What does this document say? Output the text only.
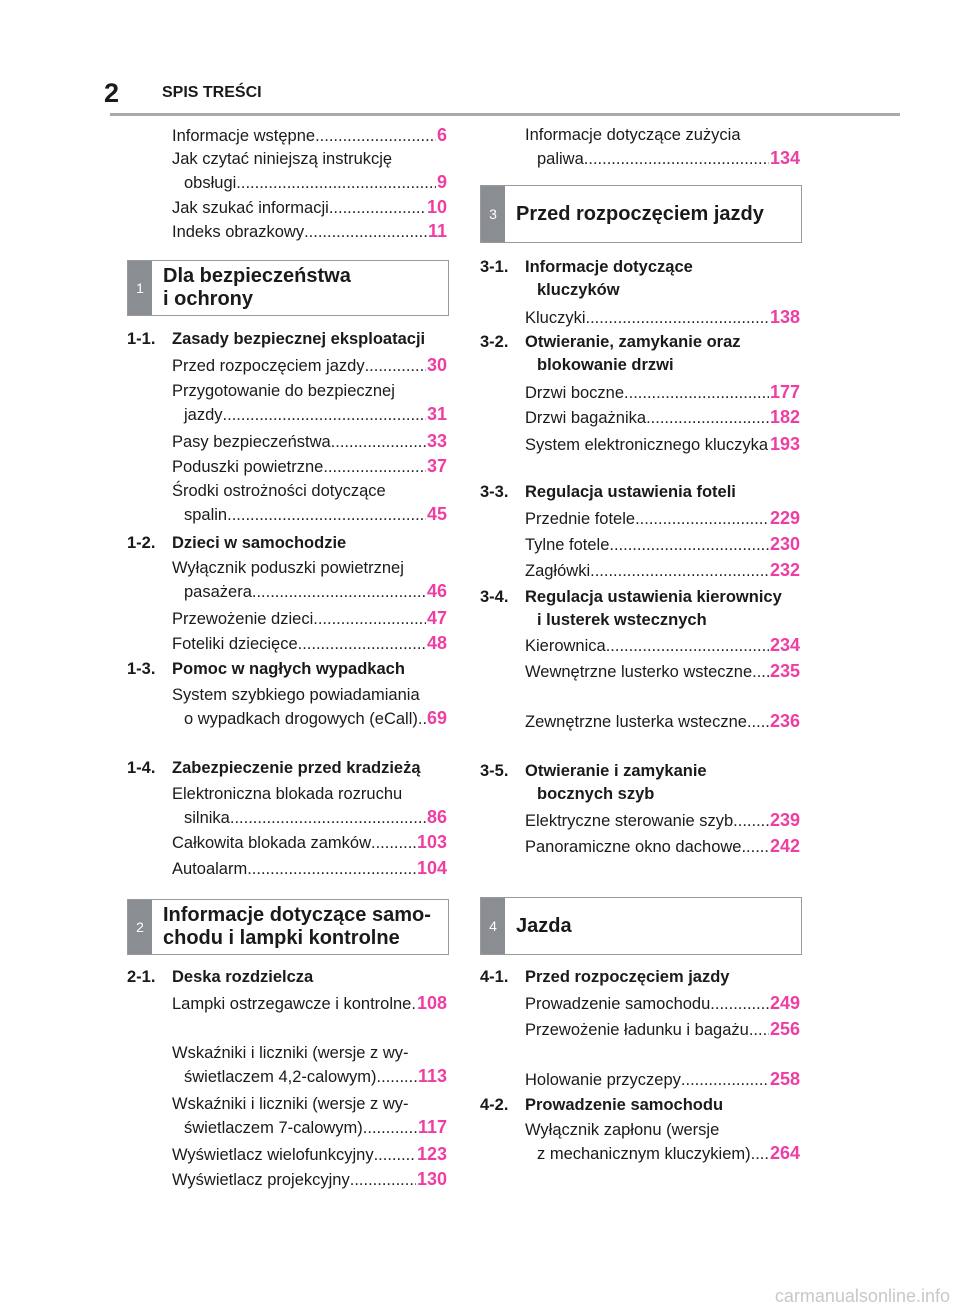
2	SPIS TREŚCI
Informacje wstępne .....	6
Jak czytać niniejszą instrukcję
obsługi .....	9
Jak szukać informacji .....	10
Indeks obrazkowy .....	11
1
Dla bezpieczeństwa
i ochrony
1-1.	Zasady bezpiecznej eksploatacji
Przed rozpoczęciem jazdy .....	30
Przygotowanie do bezpiecznej
jazdy .....	31
Pasy bezpieczeństwa .....	33
Poduszki powietrzne .....	37
Środki ostrożności dotyczące
spalin .....	45
1-2.	Dzieci w samochodzie
Wyłącznik poduszki powietrznej
pasażera .....	46
Przewożenie dzieci .....	47
Foteliki dziecięce .....	48
1-3.	Pomoc w nagłych wypadkach
System szybkiego powiadamiania
o wypadkach drogowych (eCall) ..... 69
1-4.	Zabezpieczenie przed kradzieżą
Elektroniczna blokada rozruchu
silnika .....	86
Całkowita blokada zamków .....	103
Autoalarm .....	104
2
Informacje dotyczące samo-
chodu i lampki kontrolne
2-1.	Deska rozdzielcza
Lampki ostrzegawcze i kontrolne ..... 108
Wskaźniki i liczniki (wersje z wy-
świetlaczem 4,2-calowym) ..... 113
Wskaźniki i liczniki (wersje z wy-
świetlaczem 7-calowym) .....	117
Wyświetlacz wielofunkcyjny ..... 123
Wyświetlacz projekcyjny .....	130
Informacje dotyczące zużycia
paliwa .....	134
3 Przed rozpoczęciem jazdy
3-1.	Informacje dotyczące
kluczyków
Kluczyki .....	138
3-2.	Otwieranie, zamykanie oraz
blokowanie drzwi
Drzwi boczne .....	177
Drzwi bagażnika .....	182
System elektronicznego kluczyka ..... 193
3-3.	Regulacja ustawienia foteli
Przednie fotele .....	229
Tylne fotele .....	230
Zagłówki .....	232
3-4.	Regulacja ustawienia kierownicy
i lusterek wstecznych
Kierownica .....	234
Wewnętrzne lusterko wsteczne ..... 235
Zewnętrzne lusterka wsteczne ..... 236
3-5.	Otwieranie i zamykanie
bocznych szyb
Elektryczne sterowanie szyb ..... 239
Panoramiczne okno dachowe ..... 242
4 Jazda
4-1.	Przed rozpoczęciem jazdy
Prowadzenie samochodu .....	249
Przewożenie ładunku i bagażu ..... 256
Holowanie przyczepy .....	258
4-2.	Prowadzenie samochodu
Wyłącznik zapłonu (wersje
z mechanicznym kluczykiem) ..... 264
carmanualsonline.info
